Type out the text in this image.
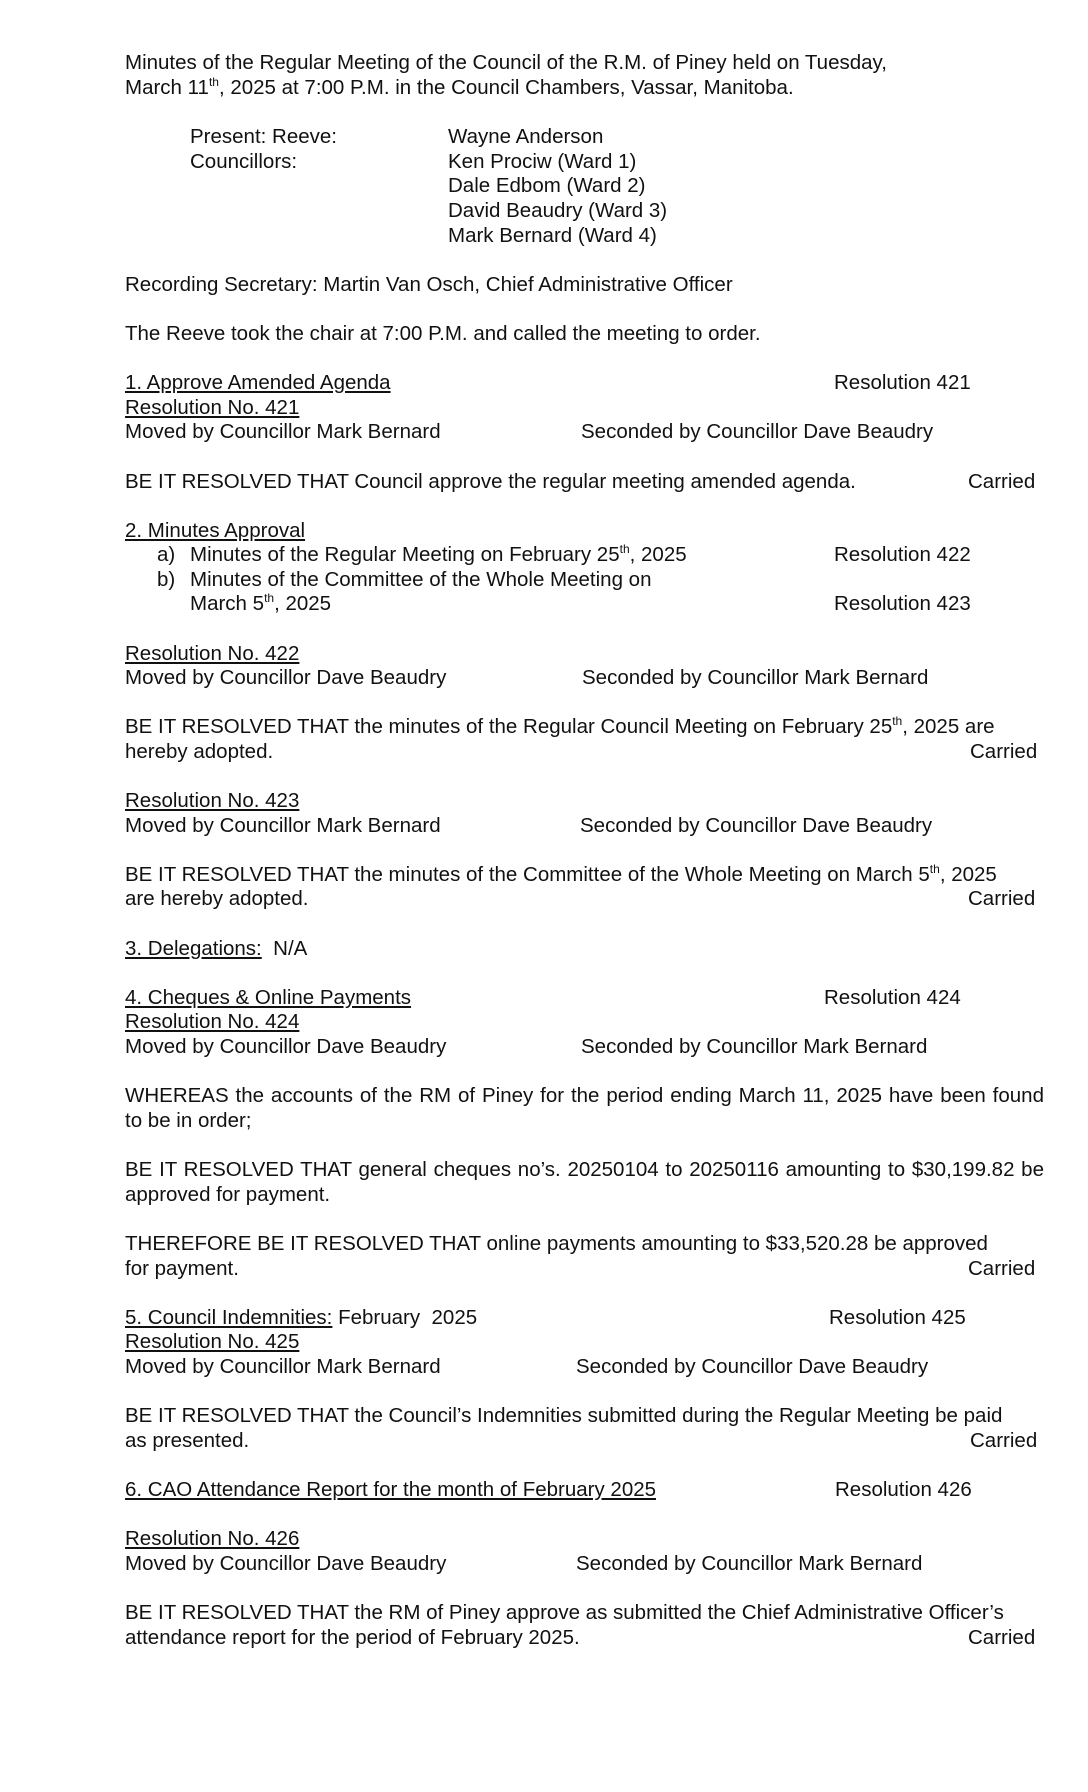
Minutes of the Regular Meeting of the Council of the R.M. of Piney held on Tuesday,
March 11th, 2025 at 7:00 P.M. in the Council Chambers, Vassar, Manitoba.
Present: Reeve:	Wayne Anderson
Councillors:	Ken Prociw (Ward 1)
Dale Edbom (Ward 2)
David Beaudry (Ward 3)
Mark Bernard (Ward 4)
Recording Secretary: Martin Van Osch, Chief Administrative Officer
The Reeve took the chair at 7:00 P.M. and called the meeting to order.
1. Approve Amended Agenda	Resolution 421
Resolution No. 421
Moved by Councillor Mark Bernard	Seconded by Councillor Dave Beaudry
BE IT RESOLVED THAT Council approve the regular meeting amended agenda.	Carried
2. Minutes Approval
a) Minutes of the Regular Meeting on February 25th, 2025	Resolution 422
b) Minutes of the Committee of the Whole Meeting on
March 5th, 2025	Resolution 423
Resolution No. 422
Moved by Councillor Dave Beaudry	Seconded by Councillor Mark Bernard
BE IT RESOLVED THAT the minutes of the Regular Council Meeting on February 25th, 2025 are
hereby adopted.	Carried
Resolution No. 423
Moved by Councillor Mark Bernard	Seconded by Councillor Dave Beaudry
BE IT RESOLVED THAT the minutes of the Committee of the Whole Meeting on March 5th, 2025
are hereby adopted.	Carried
3. Delegations: N/A
4. Cheques & Online Payments	Resolution 424
Resolution No. 424
Moved by Councillor Dave Beaudry	Seconded by Councillor Mark Bernard
WHEREAS the accounts of the RM of Piney for the period ending March 11, 2025 have been found to be in order;
BE IT RESOLVED THAT general cheques no’s. 20250104 to 20250116 amounting to $30,199.82 be approved for payment.
THEREFORE BE IT RESOLVED THAT online payments amounting to $33,520.28 be approved
for payment.	Carried
5. Council Indemnities: February  2025	Resolution 425
Resolution No. 425
Moved by Councillor Mark Bernard	Seconded by Councillor Dave Beaudry
BE IT RESOLVED THAT the Council’s Indemnities submitted during the Regular Meeting be paid
as presented.	Carried
6. CAO Attendance Report for the month of February 2025	Resolution 426
Resolution No. 426
Moved by Councillor Dave Beaudry	Seconded by Councillor Mark Bernard
BE IT RESOLVED THAT the RM of Piney approve as submitted the Chief Administrative Officer’s
attendance report for the period of February 2025.	Carried
